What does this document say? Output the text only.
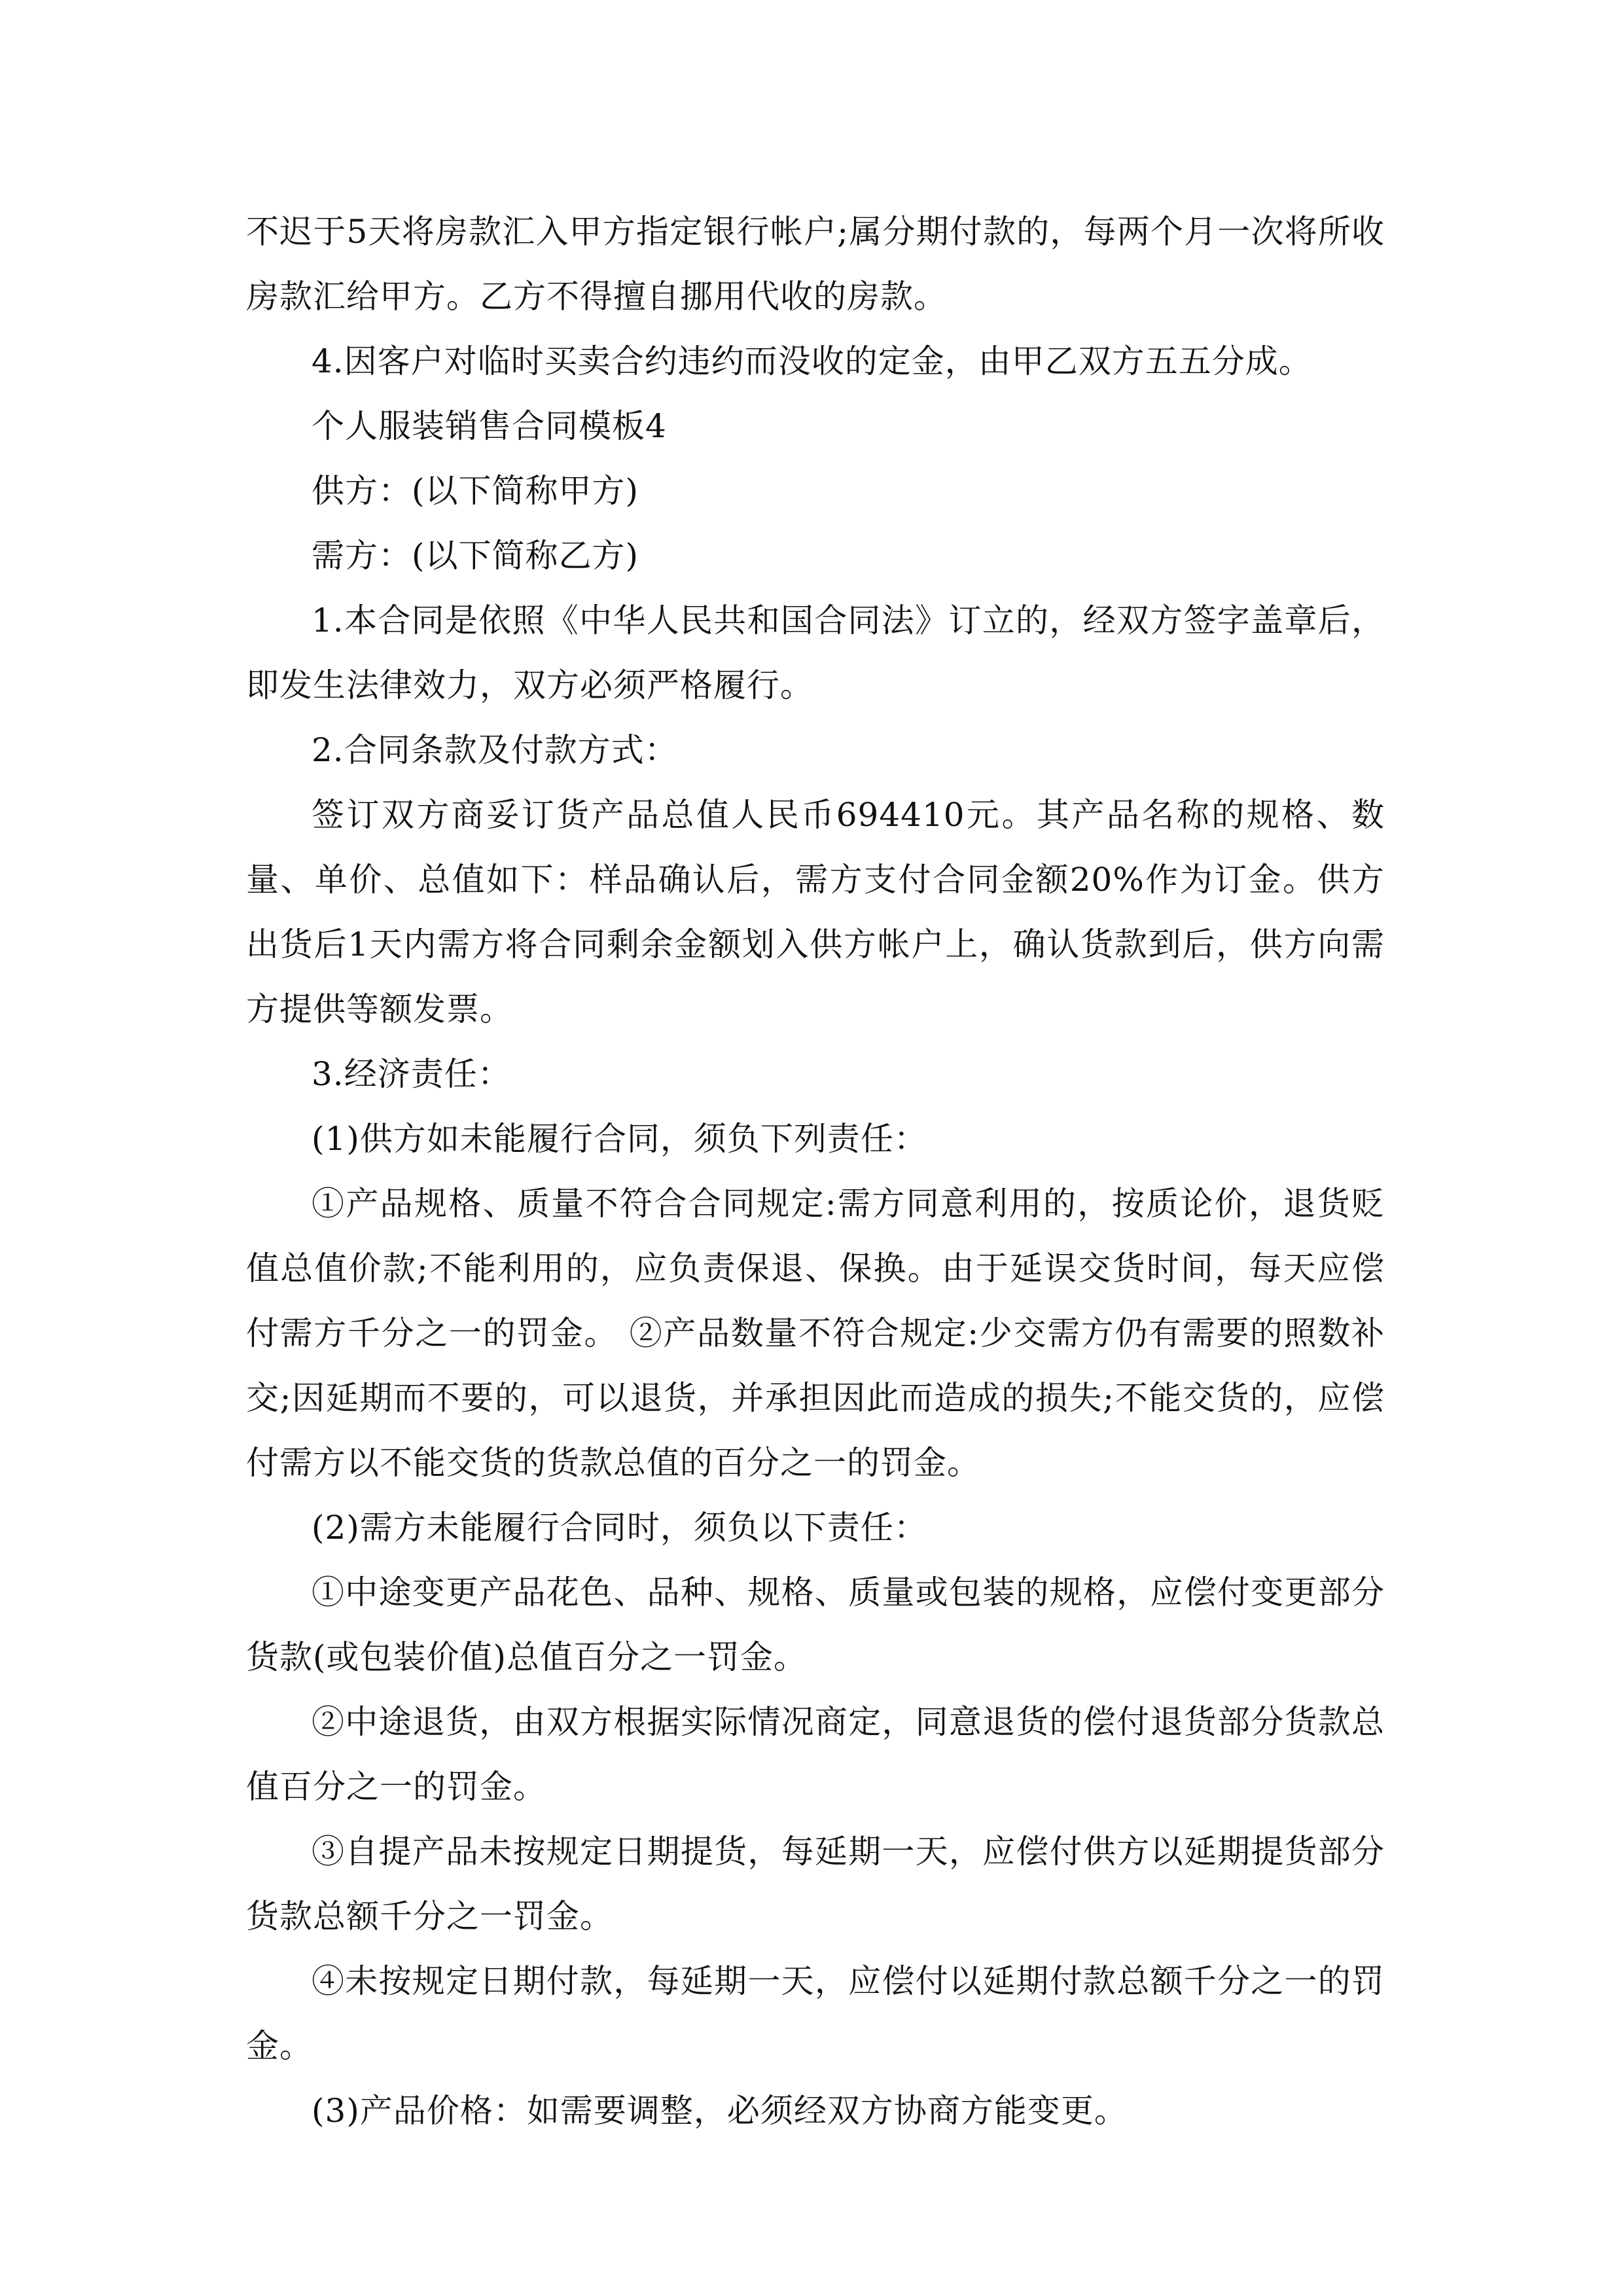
不迟于5天将房款汇入甲方指定银行帐户;属分期付款的，每两个月一次将所收房款汇给甲方。乙方不得擅自挪用代收的房款。

4.因客户对临时买卖合约违约而没收的定金，由甲乙双方五五分成。

个人服装销售合同模板4

供方：(以下简称甲方)

需方：(以下简称乙方)

1.本合同是依照《中华人民共和国合同法》订立的，经双方签字盖章后，即发生法律效力，双方必须严格履行。

2.合同条款及付款方式：

签订双方商妥订货产品总值人民币694410元。其产品名称的规格、数量、单价、总值如下：样品确认后，需方支付合同金额20%作为订金。供方出货后1天内需方将合同剩余金额划入供方帐户上，确认货款到后，供方向需方提供等额发票。

3.经济责任：

(1)供方如未能履行合同，须负下列责任：

①产品规格、质量不符合合同规定:需方同意利用的，按质论价，退货贬值总值价款;不能利用的，应负责保退、保换。由于延误交货时间，每天应偿付需方千分之一的罚金。 ②产品数量不符合规定:少交需方仍有需要的照数补交;因延期而不要的，可以退货，并承担因此而造成的损失;不能交货的，应偿付需方以不能交货的货款总值的百分之一的罚金。

(2)需方未能履行合同时，须负以下责任：

①中途变更产品花色、品种、规格、质量或包装的规格，应偿付变更部分货款(或包装价值)总值百分之一罚金。

②中途退货，由双方根据实际情况商定，同意退货的偿付退货部分货款总值百分之一的罚金。

③自提产品未按规定日期提货，每延期一天，应偿付供方以延期提货部分货款总额千分之一罚金。

④未按规定日期付款，每延期一天，应偿付以延期付款总额千分之一的罚金。

(3)产品价格：如需要调整，必须经双方协商方能变更。
